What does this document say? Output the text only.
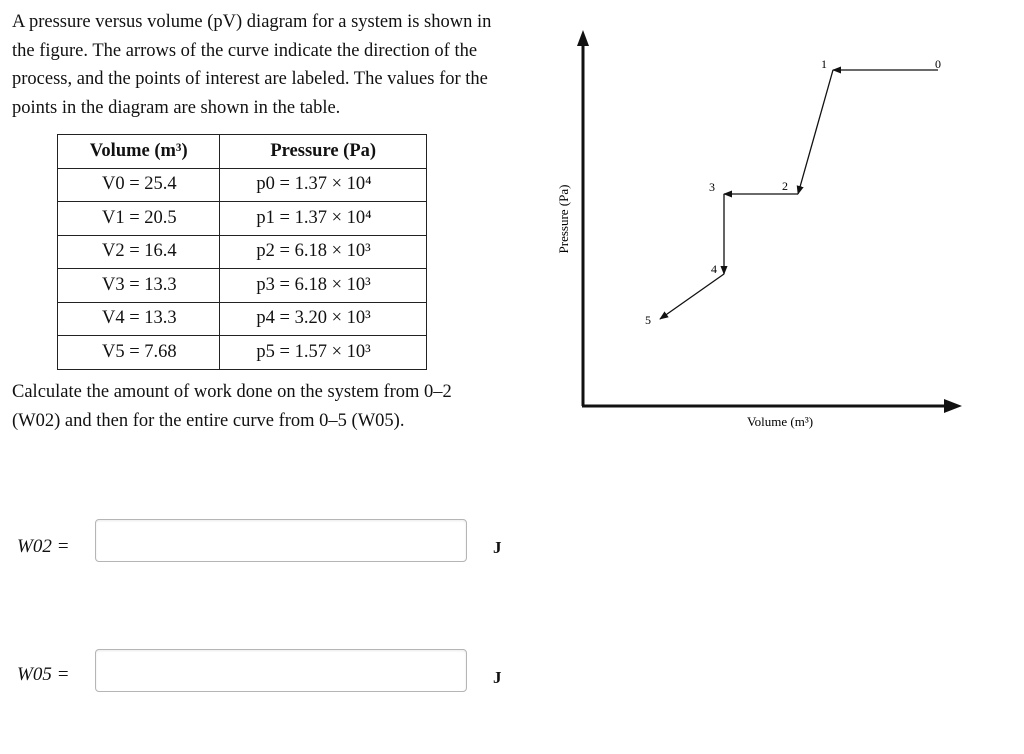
A pressure versus volume (pV) diagram for a system is shown in the figure. The arrows of the curve indicate the direction of the process, and the points of interest are labeled. The values for the points in the diagram are shown in the table.

Volume (m³)	Pressure (Pa)
V0 = 25.4	p0 = 1.37 × 10⁴
V1 = 20.5	p1 = 1.37 × 10⁴
V2 = 16.4	p2 = 6.18 × 10³
V3 = 13.3	p3 = 6.18 × 10³
V4 = 13.3	p4 = 3.20 × 10³
V5 = 7.68	p5 = 1.57 × 10³

Calculate the amount of work done on the system from 0–2 (W02) and then for the entire curve from 0–5 (W05).

W02 =	J
W05 =	J
Volume (m³)
Pressure (Pa)
0
1
2
3
4
5
